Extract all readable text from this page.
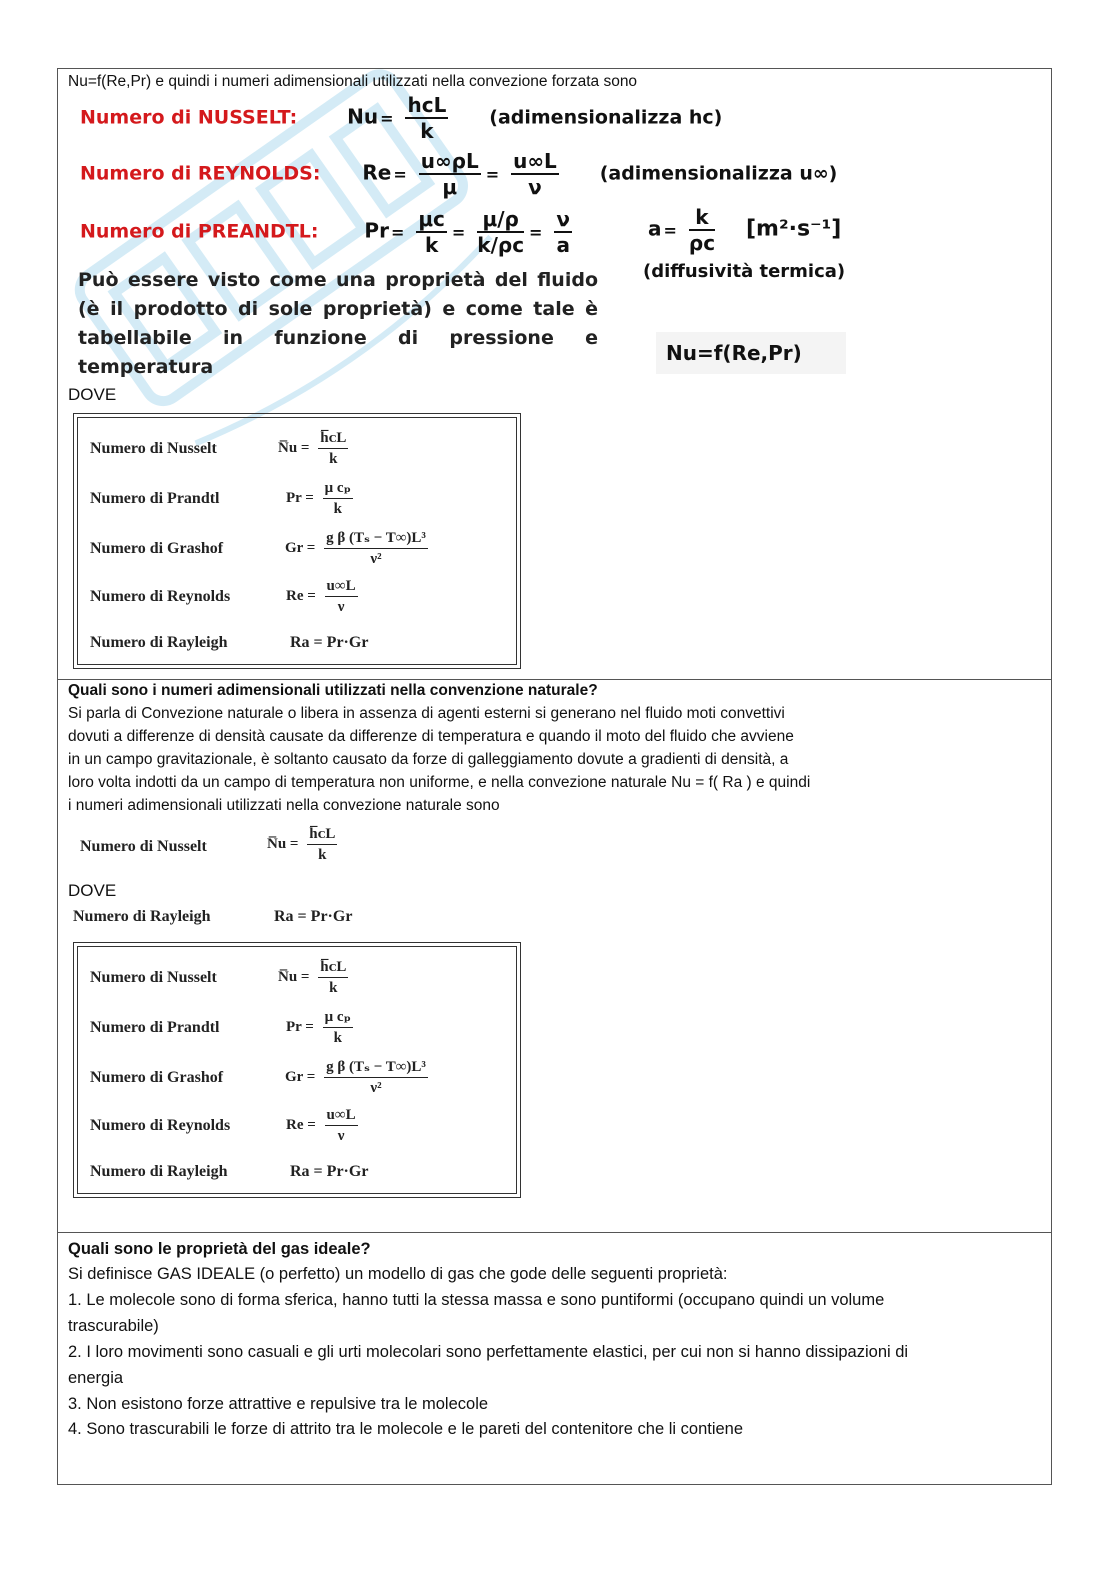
Nu=f(Re,Pr) e quindi i numeri adimensionali utilizzati nella convezione forzata sono
Numero di NUSSELT: $Nu = \frac{\text{hᴄL}}{k}$ (adimensionalizza hᴄ)
Numero di REYNOLDS: $Re = \frac{u\infty\rho L}{\mu} = \frac{u\infty L}{\nu}$ (adimensionalizza u∞)
Numero di PREANDTL: $Pr = \frac{\mu c}{k} = \frac{\mu/\rho}{k/\rho c} = \frac{\nu}{a}$	$a = \frac{k}{\rho c} [m^2\cdot s^{-1}]$
(diffusività termica)
Può essere visto come una proprietà del fluido (è il prodotto di sole proprietà) e come tale è tabellabile in funzione di pressione e temperatura
Nu=f(Re,Pr)
DOVE
Numero di Nusselt	N̅u = $\frac{\text{h̅ᴄL}}{k}$
Numero di Prandtl	$Pr = \frac{\text{μ cₚ}}{k}$
Numero di Grashof	$Gr = \frac{\text{g β (Tₛ − T∞)L³}}{\text{ν²}}$
Numero di Reynolds	$Re = \frac{u\infty L}{\nu}$
Numero di Rayleigh	Ra = Pr·Gr
Quali sono i numeri adimensionali utilizzati nella convenzione naturale?
Si parla di Convezione naturale o libera in assenza di agenti esterni si generano nel fluido moti convettivi
dovuti a differenze di densità causate da differenze di temperatura e quando il moto del fluido che avviene
in un campo gravitazionale, è soltanto causato da forze di galleggiamento dovute a gradienti di densità, a
loro volta indotti da un campo di temperatura non uniforme, e nella convezione naturale Nu = f( Ra ) e quindi
i numeri adimensionali utilizzati nella convezione naturale sono
Numero di Nusselt	N̅u = $\frac{\text{h̅ᴄL}}{k}$
DOVE
Numero di Rayleigh	Ra = Pr·Gr
Numero di Nusselt	N̅u = $\frac{\text{h̅ᴄL}}{k}$
Numero di Prandtl	$Pr = \frac{\text{μ cₚ}}{k}$
Numero di Grashof	$Gr = \frac{\text{g β (Tₛ − T∞)L³}}{\text{ν²}}$
Numero di Reynolds	$Re = \frac{u\infty L}{\nu}$
Numero di Rayleigh	Ra = Pr·Gr
Quali sono le proprietà del gas ideale?
Si definisce GAS IDEALE (o perfetto) un modello di gas che gode delle seguenti proprietà:
1. Le molecole sono di forma sferica, hanno tutti la stessa massa e sono puntiformi (occupano quindi un volume
trascurabile)
2. I loro movimenti sono casuali e gli urti molecolari sono perfettamente elastici, per cui non si hanno dissipazioni di
energia
3. Non esistono forze attrattive e repulsive tra le molecole
4. Sono trascurabili le forze di attrito tra le molecole e le pareti del contenitore che li contiene
